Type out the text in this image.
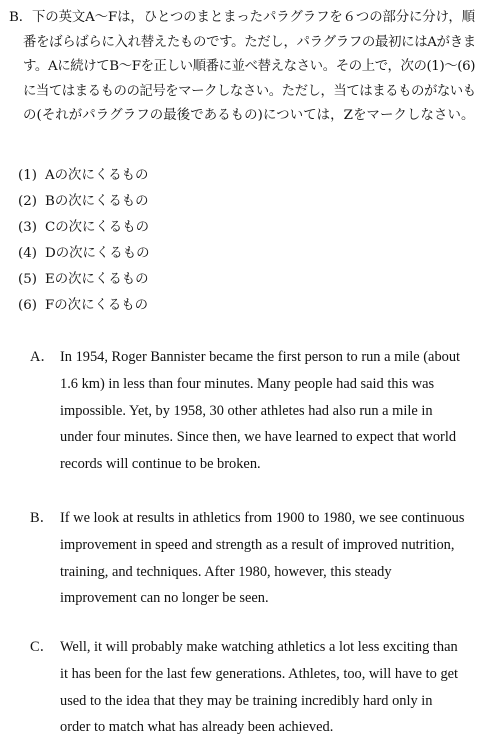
B．下の英文A～Fは，ひとつのまとまったパラグラフを６つの部分に分け，順
番をばらばらに入れ替えたものです。ただし，パラグラフの最初にはAがきま
す。Aに続けてB～Fを正しい順番に並べ替えなさい。その上で，次の(1)～(6)
に当てはまるものの記号をマークしなさい。ただし，当てはまるものがないも
の(それがパラグラフの最後であるもの)については，Zをマークしなさい。
(1) Aの次にくるもの
(2) Bの次にくるもの
(3) Cの次にくるもの
(4) Dの次にくるもの
(5) Eの次にくるもの
(6) Fの次にくるもの
A． In 1954, Roger Bannister became the first person to run a mile (about
1.6 km) in less than four minutes. Many people had said this was
impossible. Yet, by 1958, 30 other athletes had also run a mile in
under four minutes. Since then, we have learned to expect that world
records will continue to be broken.
B． If we look at results in athletics from 1900 to 1980, we see continuous
improvement in speed and strength as a result of improved nutrition,
training, and techniques. After 1980, however, this steady
improvement can no longer be seen.
C． Well, it will probably make watching athletics a lot less exciting than
it has been for the last few generations. Athletes, too, will have to get
used to the idea that they may be training incredibly hard only in
order to match what has already been achieved.
